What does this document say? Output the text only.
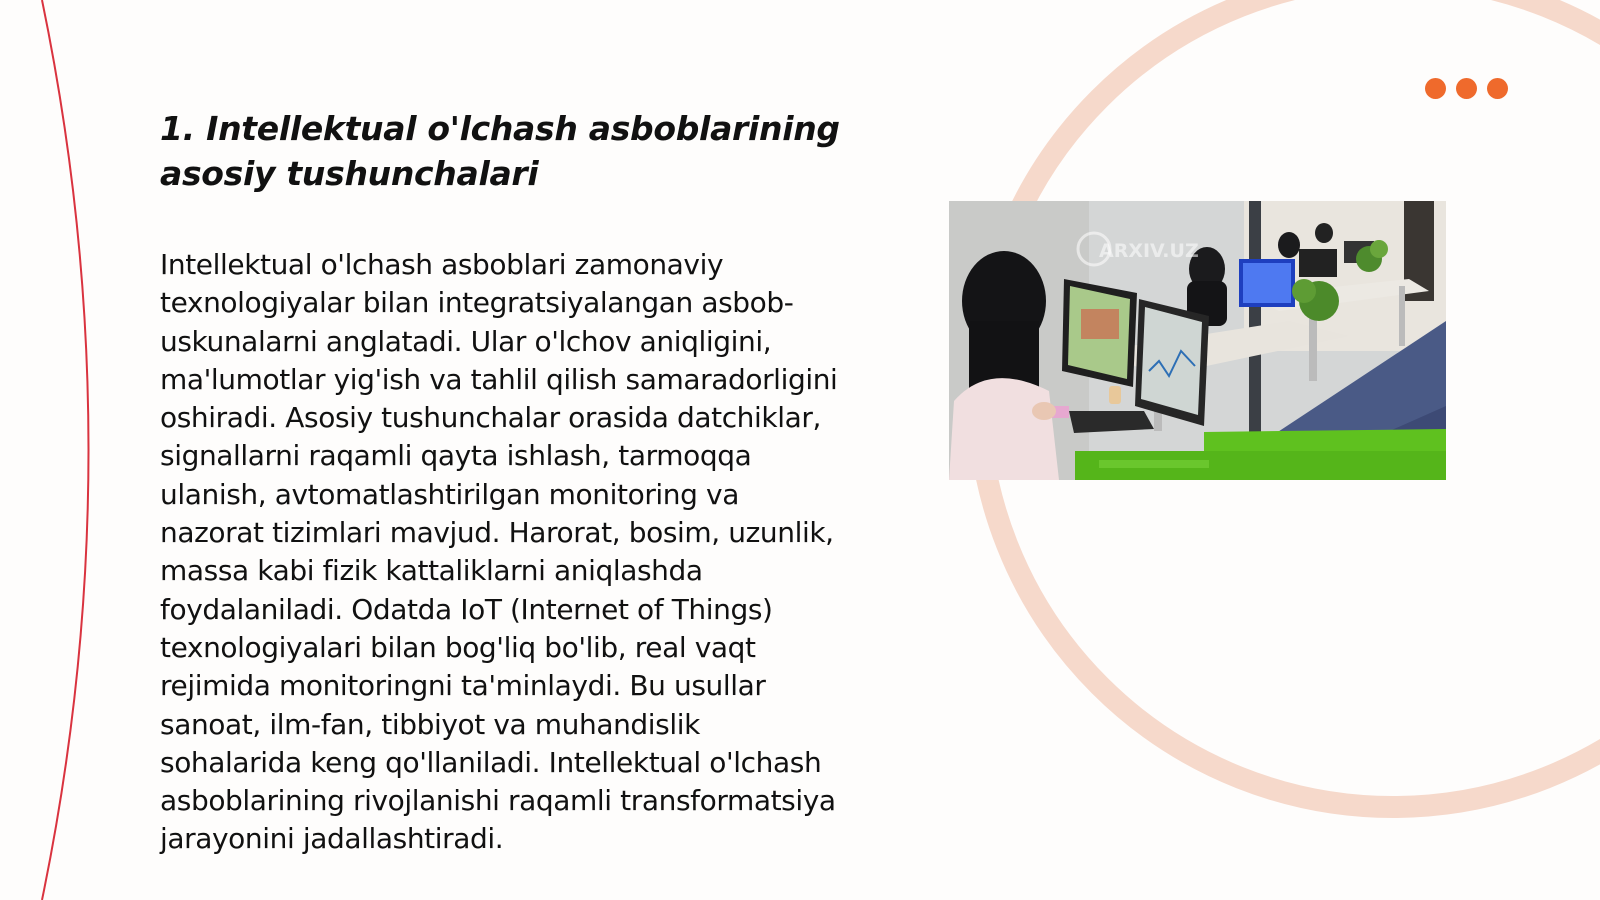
1. Intellektual o'lchash asboblarining asosiy tushunchalari

Intellektual o'lchash asboblari zamonaviy texnologiyalar bilan integratsiyalangan asbob-uskunalarni anglatadi. Ular o'lchov aniqligini, ma'lumotlar yig'ish va tahlil qilish samaradorligini oshiradi. Asosiy tushunchalar orasida datchiklar, signallarni raqamli qayta ishlash, tarmoqqa ulanish, avtomatlashtirilgan monitoring va nazorat tizimlari mavjud. Harorat, bosim, uzunlik, massa kabi fizik kattaliklarni aniqlashda foydalaniladi. Odatda IoT (Internet of Things) texnologiyalari bilan bog'liq bo'lib, real vaqt rejimida monitoringni ta'minlaydi. Bu usullar sanoat, ilm-fan, tibbiyot va muhandislik sohalarida keng qo'llaniladi. Intellektual o'lchash asboblarining rivojlanishi raqamli transformatsiya jarayonini jadallashtiradi.

ARXIV.UZ
